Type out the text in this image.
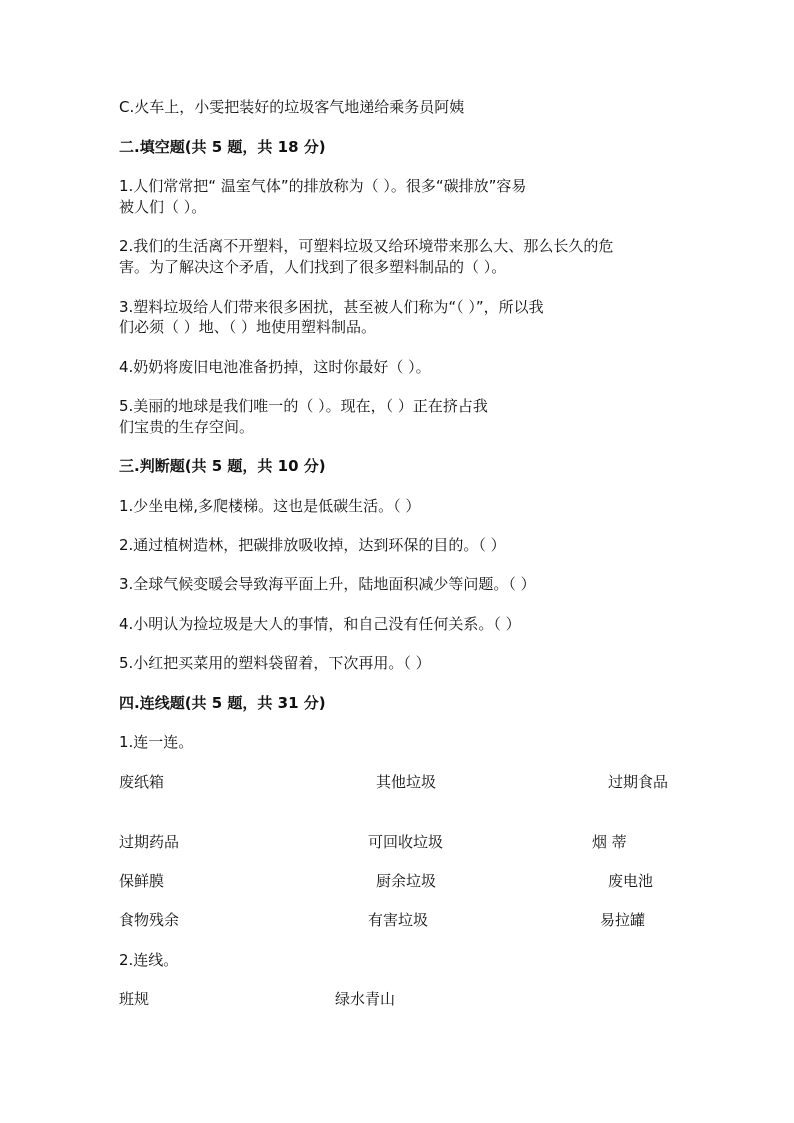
C.火车上，小雯把装好的垃圾客气地递给乘务员阿姨
二.填空题(共 5 题，共 18 分)
1.人们常常把“ 温室气体”的排放称为（ ）。很多“碳排放”容易
被人们（ ）。
2.我们的生活离不开塑料，可塑料垃圾又给环境带来那么大、那么长久的危
害。为了解决这个矛盾，人们找到了很多塑料制品的（ ）。
3.塑料垃圾给人们带来很多困扰，甚至被人们称为“（ ）”，所以我
们必须（ ）地、（ ）地使用塑料制品。
4.奶奶将废旧电池准备扔掉，这时你最好（ ）。
5.美丽的地球是我们唯一的（ ）。现在，（ ）正在挤占我
们宝贵的生存空间。
三.判断题(共 5 题，共 10 分)
1.少坐电梯,多爬楼梯。这也是低碳生活。（ ）
2.通过植树造林，把碳排放吸收掉，达到环保的目的。（ ）
3.全球气候变暖会导致海平面上升，陆地面积减少等问题。（ ）
4.小明认为捡垃圾是大人的事情，和自己没有任何关系。（ ）
5.小红把买菜用的塑料袋留着，下次再用。（ ）
四.连线题(共 5 题，共 31 分)
1.连一连。
废纸箱	其他垃圾	过期食品
过期药品	可回收垃圾	烟 蒂
保鲜膜	厨余垃圾	废电池
食物残余	有害垃圾	易拉罐
2.连线。
班规	绿水青山
